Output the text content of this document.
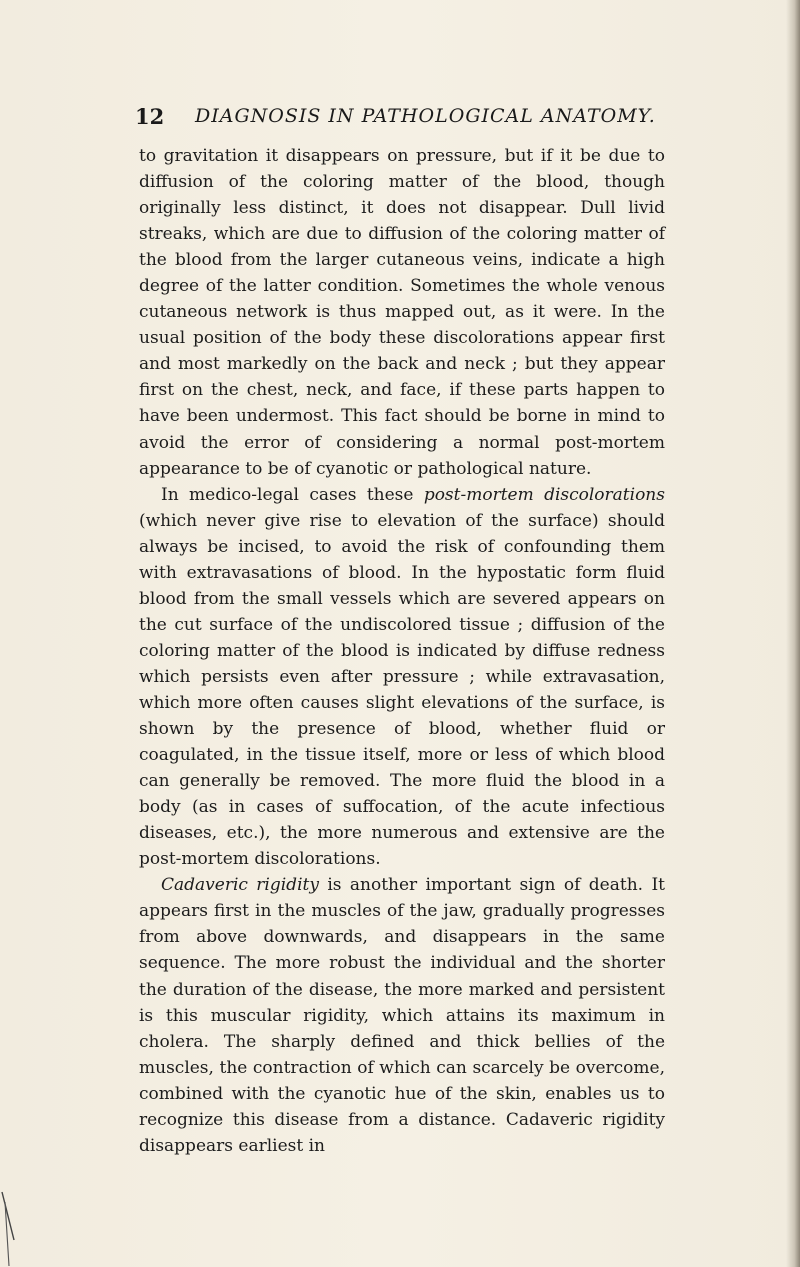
12 DIAGNOSIS IN PATHOLOGICAL ANATOMY.

to gravitation it disappears on pressure, but if it be due to diffusion of the coloring matter of the blood, though originally less distinct, it does not disappear. Dull livid streaks, which are due to diffusion of the coloring matter of the blood from the larger cutaneous veins, indicate a high degree of the latter condition. Sometimes the whole venous cutaneous network is thus mapped out, as it were. In the usual position of the body these discolorations appear first and most markedly on the back and neck ; but they appear first on the chest, neck, and face, if these parts happen to have been undermost. This fact should be borne in mind to avoid the error of considering a normal post-mortem appearance to be of cyanotic or pathological nature.

In medico-legal cases these post-mortem discolorations (which never give rise to elevation of the surface) should always be incised, to avoid the risk of confounding them with extravasations of blood. In the hypostatic form fluid blood from the small vessels which are severed appears on the cut surface of the undiscolored tissue ; diffusion of the coloring matter of the blood is indicated by diffuse redness which persists even after pressure ; while extravasation, which more often causes slight elevations of the surface, is shown by the presence of blood, whether fluid or coagulated, in the tissue itself, more or less of which blood can generally be removed. The more fluid the blood in a body (as in cases of suffocation, of the acute infectious diseases, etc.), the more numerous and extensive are the post-mortem discolorations.

Cadaveric rigidity is another important sign of death. It appears first in the muscles of the jaw, gradually progresses from above downwards, and disappears in the same sequence. The more robust the individual and the shorter the duration of the disease, the more marked and persistent is this muscular rigidity, which attains its maximum in cholera. The sharply defined and thick bellies of the muscles, the contraction of which can scarcely be overcome, combined with the cyanotic hue of the skin, enables us to recognize this disease from a distance. Cadaveric rigidity disappears earliest in
